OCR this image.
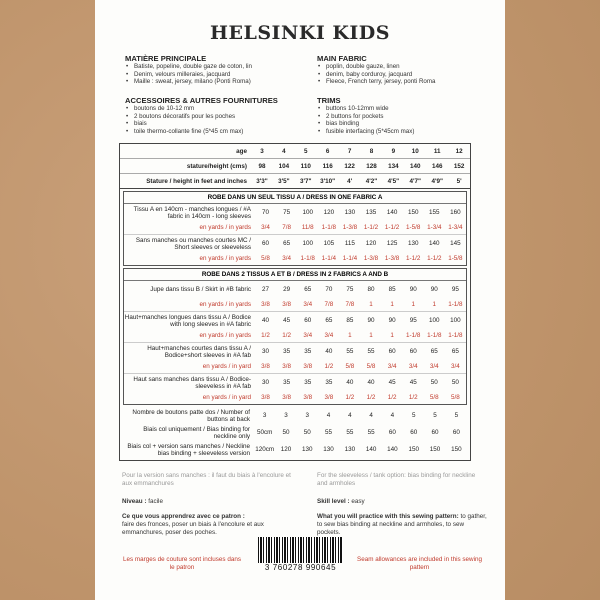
HELSINKI KIDS
MATIÈRE PRINCIPALE
• Batiste, popeline, double gaze de coton, lin
• Denim, velours milleraies, jacquard
• Maille : sweat, jersey, milano (Ponti Roma)
MAIN FABRIC
• poplin, double gauze, linen
• denim, baby corduroy, jacquard
• Fleece, French terry, jersey, ponti Roma
ACCESSOIRES & AUTRES FOURNITURES
• boutons de 10-12 mm
• 2 boutons décoratifs pour les poches
• biais
• toile thermo-collante fine (5*45 cm max)
TRIMS
• buttons 10-12mm wide
• 2 buttons for pockets
• bias binding
• fusible interfacing (5*45cm max)
age	3	4	5	6	7	8	9	10	11	12
stature/height (cms)	98	104	110	116	122	128	134	140	146	152
Stature / height in feet and inches	3'3"	3'5"	3'7"	3'10"	4'	4'2"	4'5"	4'7"	4'9"	5'
ROBE DANS UN SEUL TISSU A / DRESS IN ONE FABRIC A
Tissu A en 140cm - manches longues / #A fabric in 140cm - long sleeves	70	75	100	120	130	135	140	150	155	160
en yards / in yards	3/4	7/8	11/8	1-1/8	1-3/8	1-1/2	1-1/2	1-5/8	1-3/4	1-3/4
Sans manches ou manches courtes MC / Short sleeves or sleeveless	60	65	100	105	115	120	125	130	140	145
en yards / in yards	5/8	3/4	1-1/8	1-1/4	1-1/4	1-3/8	1-3/8	1-1/2	1-1/2	1-5/8
ROBE DANS 2 TISSUS A ET B / DRESS IN 2 FABRICS A AND B
Jupe dans tissu B / Skirt in #B fabric	27	29	65	70	75	80	85	90	90	95
en yards / in yards	3/8	3/8	3/4	7/8	7/8	1	1	1	1	1-1/8
Haut+manches longues dans tissu A / Bodice with long sleeves in #A fabric	40	45	60	65	85	90	90	95	100	100
en yards / in yards	1/2	1/2	3/4	3/4	1	1	1	1-1/8	1-1/8	1-1/8
Haut+manches courtes dans tissu A / Bodice+short sleeves in #A fab	30	35	35	40	55	55	60	60	65	65
en yards / in yard	3/8	3/8	3/8	1/2	5/8	5/8	3/4	3/4	3/4	3/4
Haut sans manches dans tissu A / Bodice-sleeveless in #A fab	30	35	35	35	40	40	45	45	50	50
en yards / in yard	3/8	3/8	3/8	3/8	1/2	1/2	1/2	1/2	5/8	5/8
Nombre de boutons patte dos / Number of buttons at back	3	3	3	4	4	4	4	5	5	5
Biais col uniquement / Bias binding for neckline only	50cm	50	50	55	55	55	60	60	60	60
Biais col + version sans manches / Neckline bias binding + sleeveless version 120cm	120	130	130	130	140	140	150	150	150
Pour la version sans manches : il faut du biais à l'encolure et aux emmanchures
For the sleeveless / tank option: bias binding for neckline and armholes
Niveau : facile	Skill level : easy
Ce que vous apprendrez avec ce patron :
faire des fronces, poser un biais à l'encolure et aux emmanchures, poser des poches.
What you will practice with this sewing pattern: to gather, to sew bias binding at neckline and armholes, to sew pockets.
Les marges de couture sont incluses dans le patron
Seam allowances are included in this sewing pattern
3 760278 990645
